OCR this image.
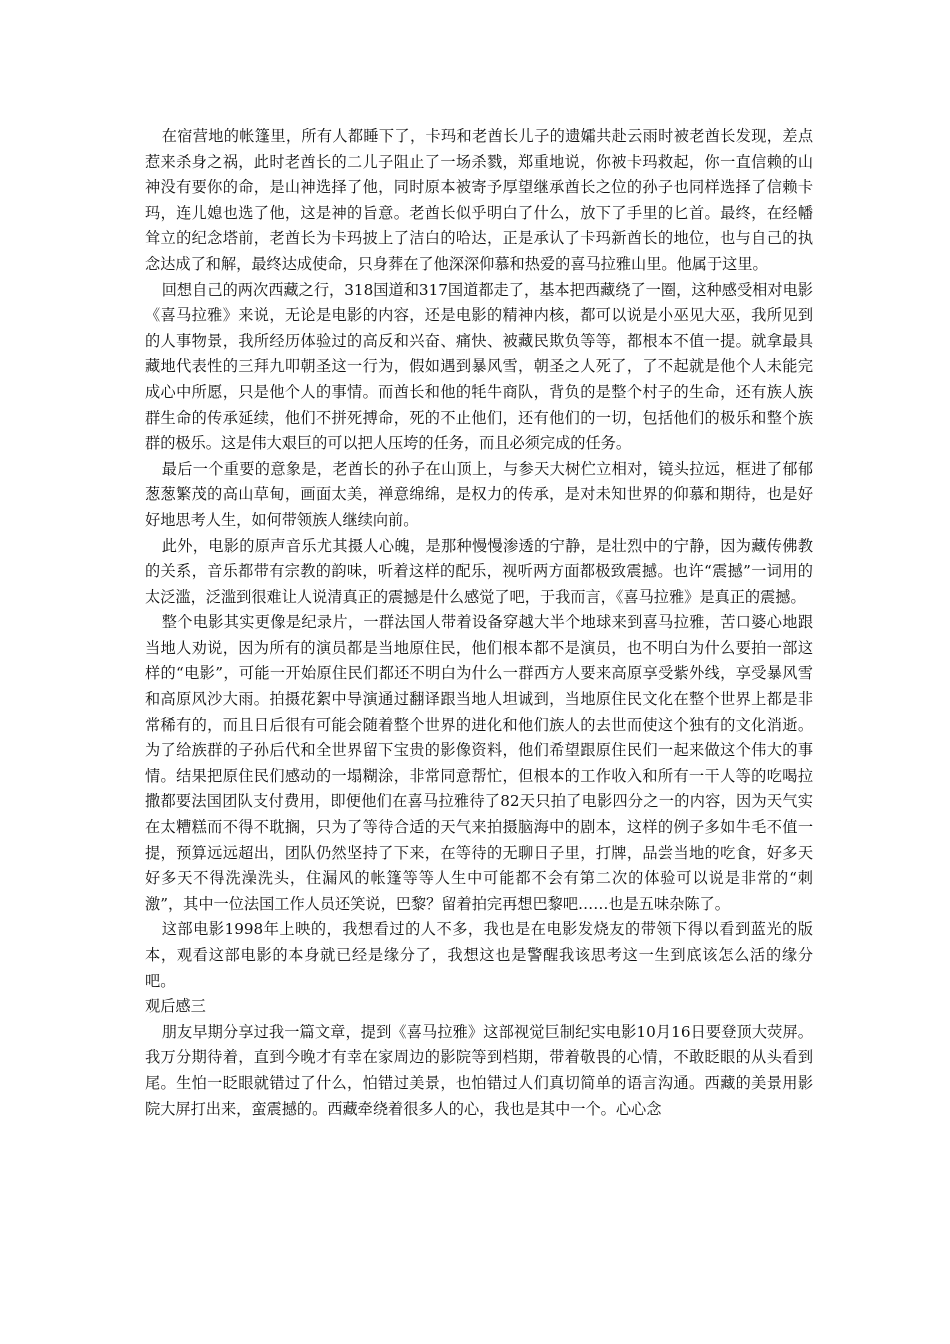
在宿营地的帐篷里，所有人都睡下了，卡玛和老酋长儿子的遗孀共赴云雨时被老酋长发现，差点惹来杀身之祸，此时老酋长的二儿子阻止了一场杀戮，郑重地说，你被卡玛救起，你一直信赖的山神没有要你的命，是山神选择了他，同时原本被寄予厚望继承酋长之位的孙子也同样选择了信赖卡玛，连儿媳也选了他，这是神的旨意。老酋长似乎明白了什么，放下了手里的匕首。最终，在经幡耸立的纪念塔前，老酋长为卡玛披上了洁白的哈达，正是承认了卡玛新酋长的地位，也与自己的执念达成了和解，最终达成使命，只身葬在了他深深仰慕和热爱的喜马拉雅山里。他属于这里。

回想自己的两次西藏之行，318国道和317国道都走了，基本把西藏绕了一圈，这种感受相对电影《喜马拉雅》来说，无论是电影的内容，还是电影的精神内核，都可以说是小巫见大巫，我所见到的人事物景，我所经历体验过的高反和兴奋、痛快、被藏民欺负等等，都根本不值一提。就拿最具藏地代表性的三拜九叩朝圣这一行为，假如遇到暴风雪，朝圣之人死了，了不起就是他个人未能完成心中所愿，只是他个人的事情。而酋长和他的牦牛商队，背负的是整个村子的生命，还有族人族群生命的传承延续，他们不拼死搏命，死的不止他们，还有他们的一切，包括他们的极乐和整个族群的极乐。这是伟大艰巨的可以把人压垮的任务，而且必须完成的任务。

最后一个重要的意象是，老酋长的孙子在山顶上，与参天大树伫立相对，镜头拉远，框进了郁郁葱葱繁茂的高山草甸，画面太美，禅意绵绵，是权力的传承，是对未知世界的仰慕和期待，也是好好地思考人生，如何带领族人继续向前。

此外，电影的原声音乐尤其摄人心魄，是那种慢慢渗透的宁静，是壮烈中的宁静，因为藏传佛教的关系，音乐都带有宗教的韵味，听着这样的配乐，视听两方面都极致震撼。也许“震撼”一词用的太泛滥，泛滥到很难让人说清真正的震撼是什么感觉了吧，于我而言，《喜马拉雅》是真正的震撼。

整个电影其实更像是纪录片，一群法国人带着设备穿越大半个地球来到喜马拉雅，苦口婆心地跟当地人劝说，因为所有的演员都是当地原住民，他们根本都不是演员，也不明白为什么要拍一部这样的“电影”，可能一开始原住民们都还不明白为什么一群西方人要来高原享受紫外线，享受暴风雪和高原风沙大雨。拍摄花絮中导演通过翻译跟当地人坦诚到，当地原住民文化在整个世界上都是非常稀有的，而且日后很有可能会随着整个世界的进化和他们族人的去世而使这个独有的文化消逝。为了给族群的子孙后代和全世界留下宝贵的影像资料，他们希望跟原住民们一起来做这个伟大的事情。结果把原住民们感动的一塌糊涂，非常同意帮忙，但根本的工作收入和所有一干人等的吃喝拉撒都要法国团队支付费用，即便他们在喜马拉雅待了82天只拍了电影四分之一的内容，因为天气实在太糟糕而不得不耽搁，只为了等待合适的天气来拍摄脑海中的剧本，这样的例子多如牛毛不值一提，预算远远超出，团队仍然坚持了下来，在等待的无聊日子里，打牌，品尝当地的吃食，好多天好多天不得洗澡洗头，住漏风的帐篷等等人生中可能都不会有第二次的体验可以说是非常的“刺激”，其中一位法国工作人员还笑说，巴黎？留着拍完再想巴黎吧……也是五味杂陈了。

这部电影1998年上映的，我想看过的人不多，我也是在电影发烧友的带领下得以看到蓝光的版本，观看这部电影的本身就已经是缘分了，我想这也是警醒我该思考这一生到底该怎么活的缘分吧。

观后感三

朋友早期分享过我一篇文章，提到《喜马拉雅》这部视觉巨制纪实电影10月16日要登顶大荧屏。我万分期待着，直到今晚才有幸在家周边的影院等到档期，带着敬畏的心情，不敢眨眼的从头看到尾。生怕一眨眼就错过了什么，怕错过美景，也怕错过人们真切简单的语言沟通。西藏的美景用影院大屏打出来，蛮震撼的。西藏牵绕着很多人的心，我也是其中一个。心心念
